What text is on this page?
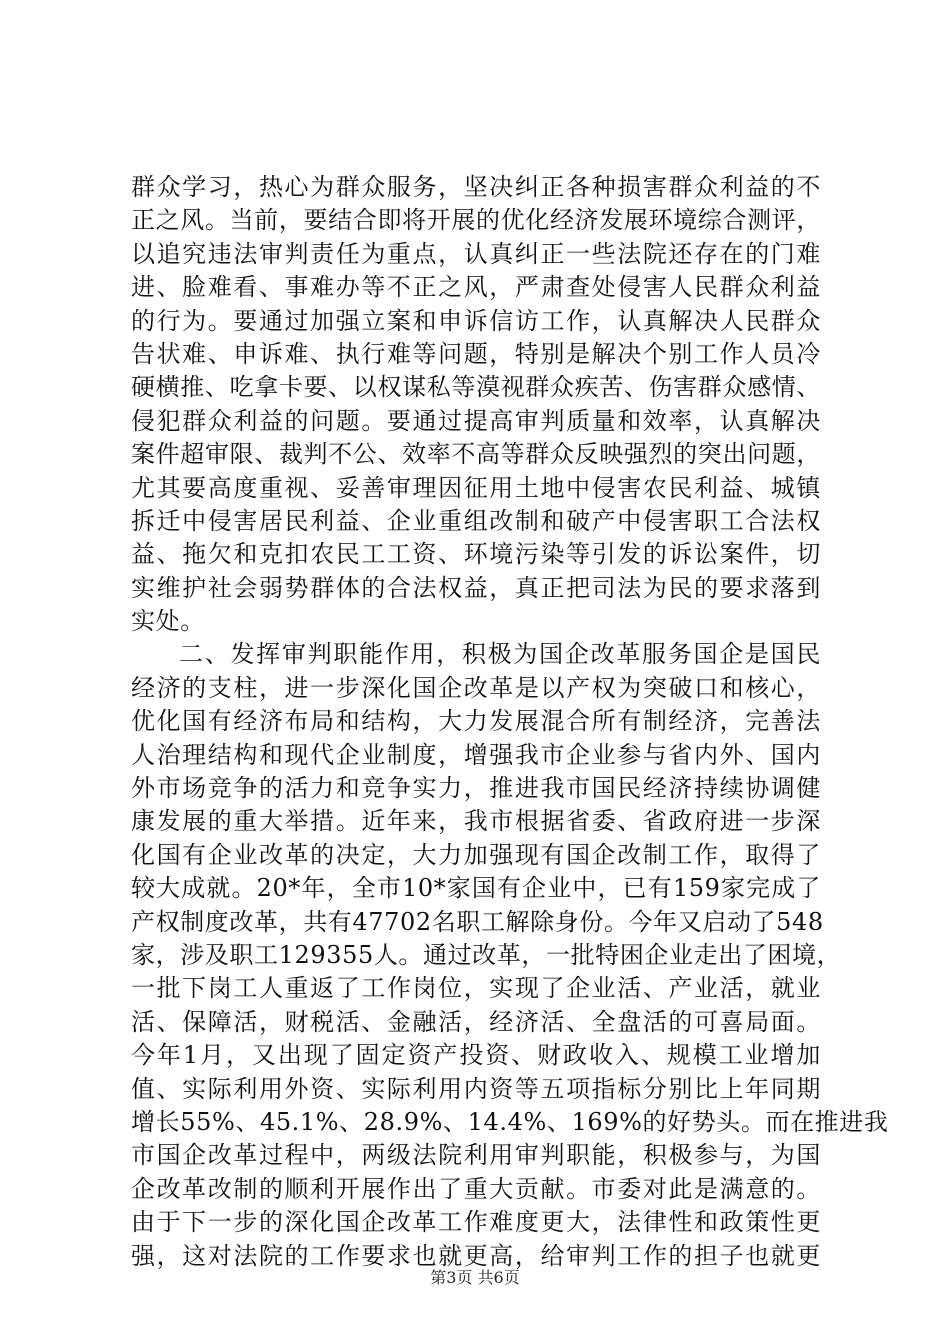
群众学习，热心为群众服务，坚决纠正各种损害群众利益的不
正之风。当前，要结合即将开展的优化经济发展环境综合测评，
以追究违法审判责任为重点，认真纠正一些法院还存在的门难
进、脸难看、事难办等不正之风，严肃查处侵害人民群众利益
的行为。要通过加强立案和申诉信访工作，认真解决人民群众
告状难、申诉难、执行难等问题，特别是解决个别工作人员冷
硬横推、吃拿卡要、以权谋私等漠视群众疾苦、伤害群众感情、
侵犯群众利益的问题。要通过提高审判质量和效率，认真解决
案件超审限、裁判不公、效率不高等群众反映强烈的突出问题，
尤其要高度重视、妥善审理因征用土地中侵害农民利益、城镇
拆迁中侵害居民利益、企业重组改制和破产中侵害职工合法权
益、拖欠和克扣农民工工资、环境污染等引发的诉讼案件，切
实维护社会弱势群体的合法权益，真正把司法为民的要求落到
实处。
二、发挥审判职能作用，积极为国企改革服务国企是国民
经济的支柱，进一步深化国企改革是以产权为突破口和核心，
优化国有经济布局和结构，大力发展混合所有制经济，完善法
人治理结构和现代企业制度，增强我市企业参与省内外、国内
外市场竞争的活力和竞争实力，推进我市国民经济持续协调健
康发展的重大举措。近年来，我市根据省委、省政府进一步深
化国有企业改革的决定，大力加强现有国企改制工作，取得了
较大成就。20*年，全市10*家国有企业中，已有159家完成了
产权制度改革，共有47702名职工解除身份。今年又启动了548
家，涉及职工129355人。通过改革，一批特困企业走出了困境，
一批下岗工人重返了工作岗位，实现了企业活、产业活，就业
活、保障活，财税活、金融活，经济活、全盘活的可喜局面。
今年1月，又出现了固定资产投资、财政收入、规模工业增加
值、实际利用外资、实际利用内资等五项指标分别比上年同期
增长55%、45.1%、28.9%、14.4%、169%的好势头。而在推进我
市国企改革过程中，两级法院利用审判职能，积极参与，为国
企改革改制的顺利开展作出了重大贡献。市委对此是满意的。
由于下一步的深化国企改革工作难度更大，法律性和政策性更
强，这对法院的工作要求也就更高，给审判工作的担子也就更
第3页 共6页
